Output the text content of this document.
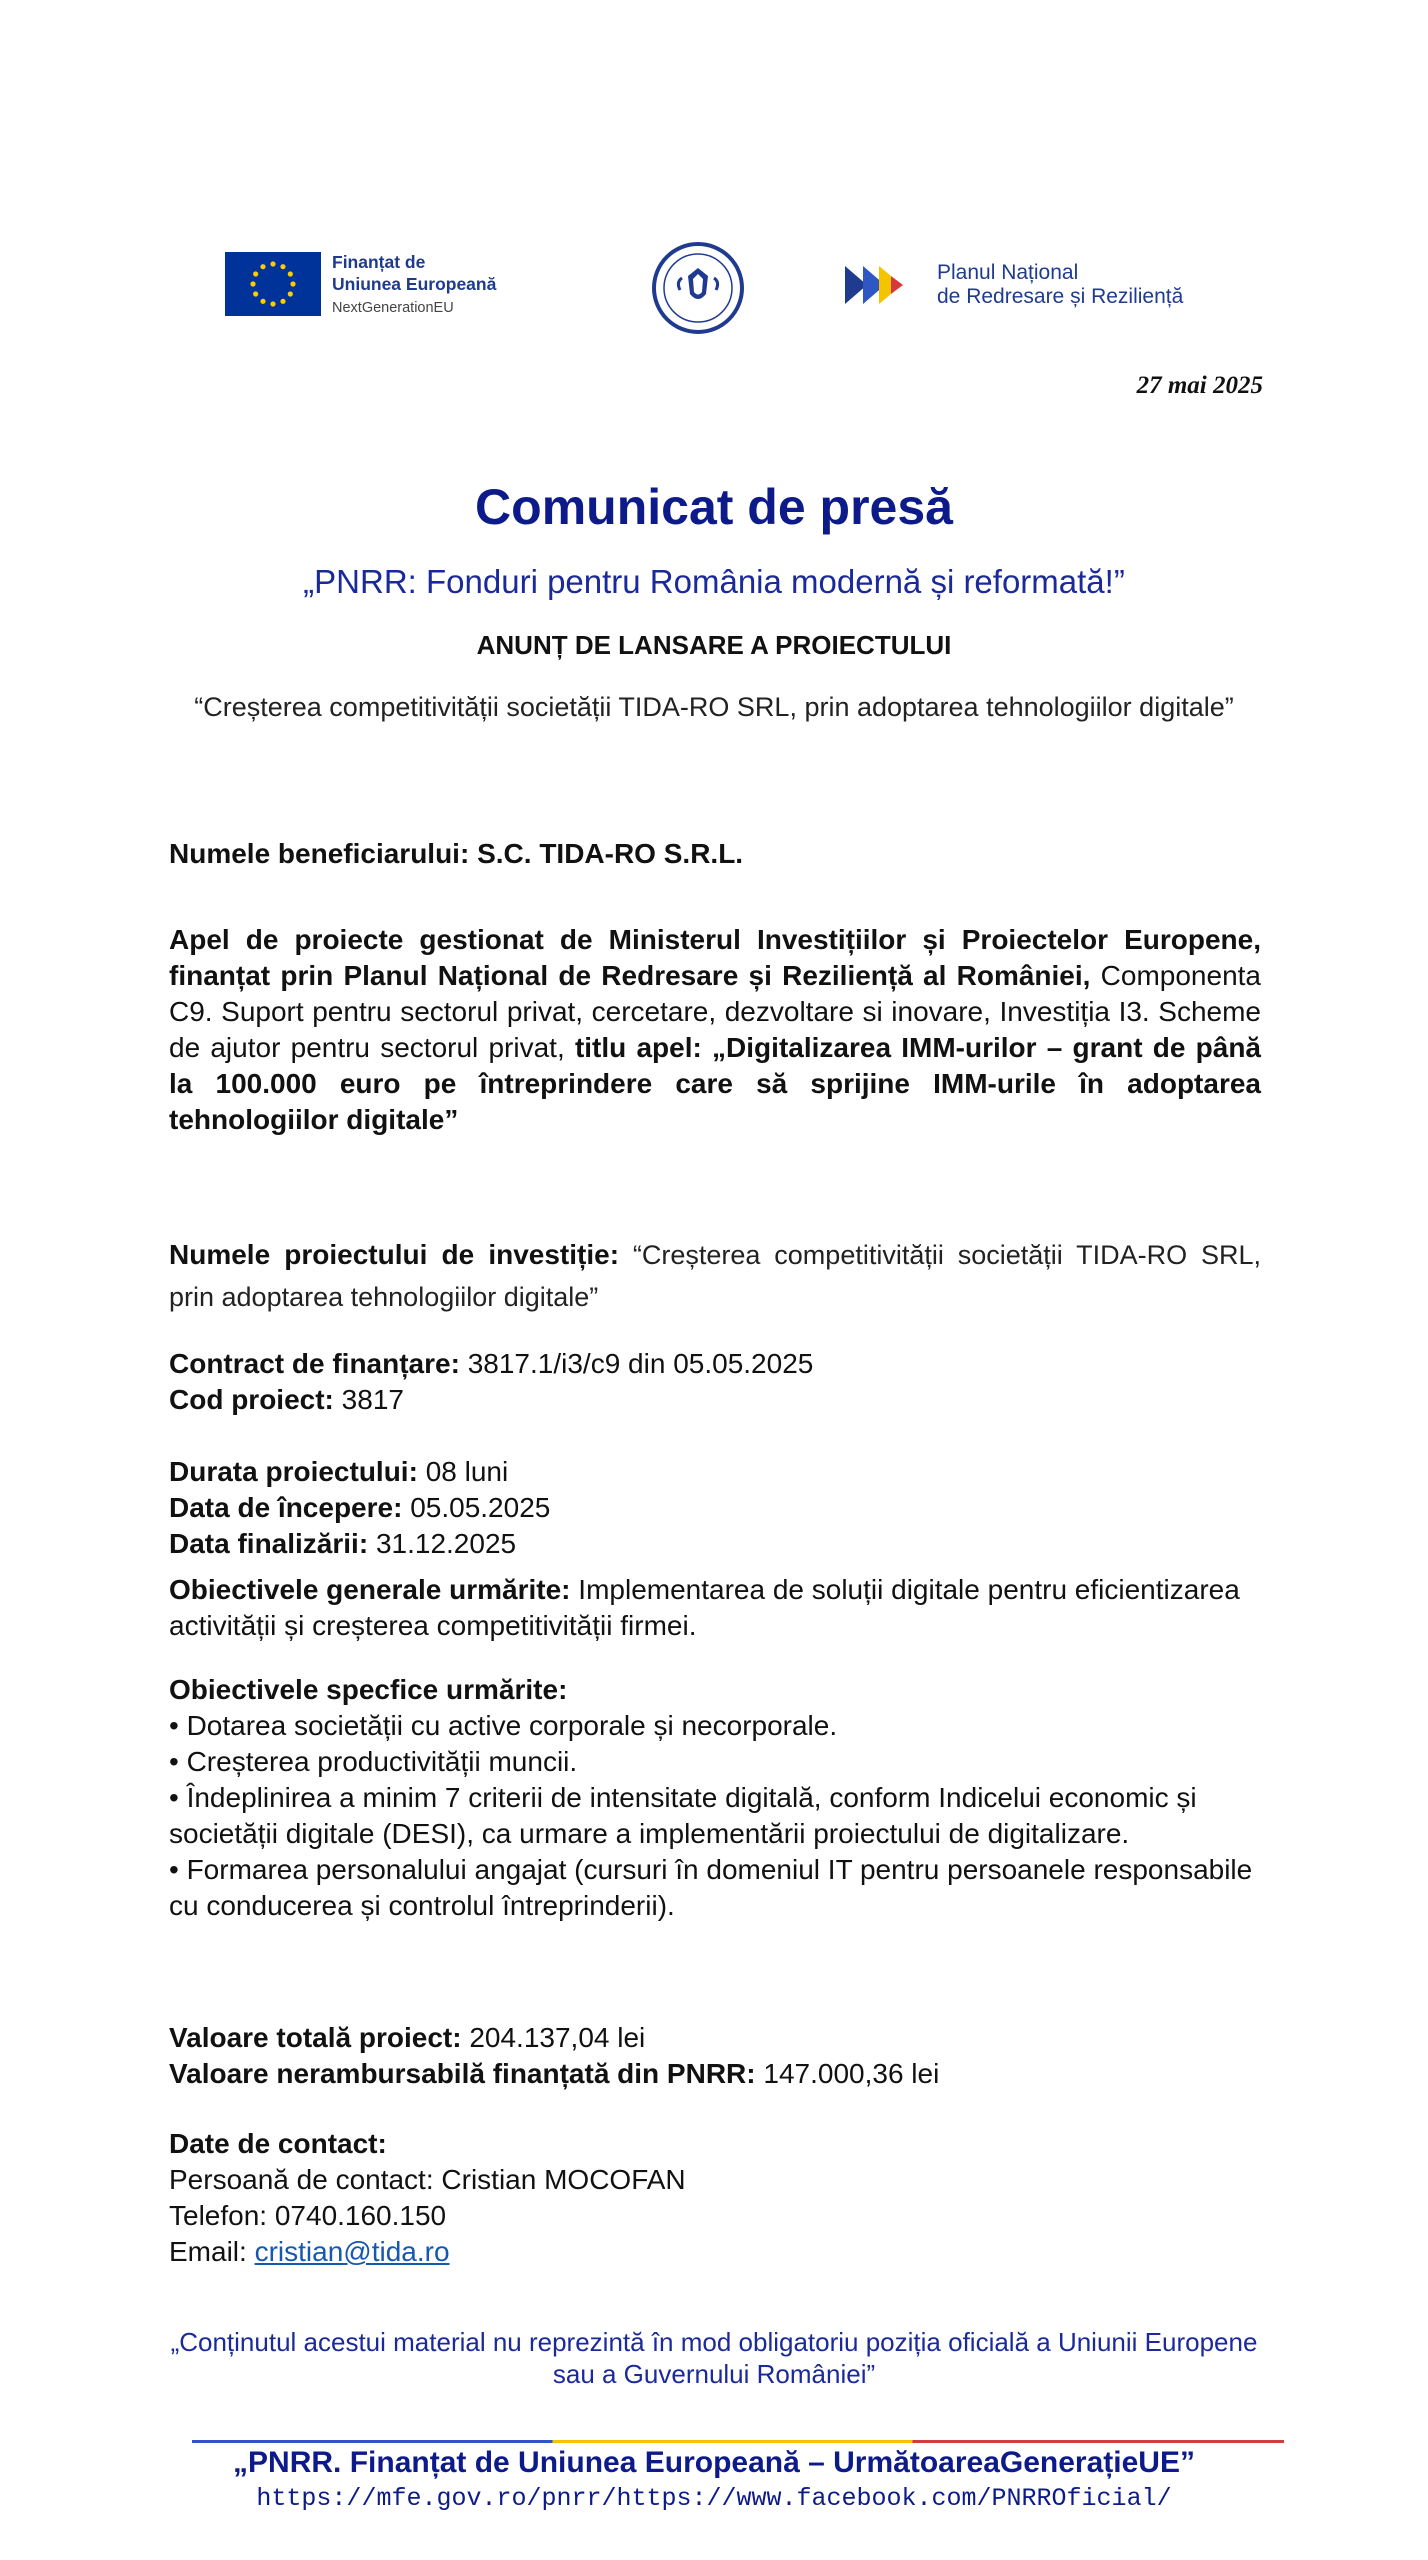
Finanțat de
Uniunea Europeană
NextGenerationEU
Planul Național
de Redresare și Reziliență
27 mai 2025
Comunicat de presă
„PNRR: Fonduri pentru România modernă și reformată!”
ANUNȚ DE LANSARE A PROIECTULUI
“Creșterea competitivității societății TIDA-RO SRL, prin adoptarea tehnologiilor digitale”
Numele beneficiarului: S.C. TIDA-RO S.R.L.
Apel de proiecte gestionat de Ministerul Investițiilor și Proiectelor Europene, finanțat prin Planul Național de Redresare și Reziliență al României, Componenta C9. Suport pentru sectorul privat, cercetare, dezvoltare si inovare, Investiția I3. Scheme de ajutor pentru sectorul privat, titlu apel: „Digitalizarea IMM-urilor – grant de până la 100.000 euro pe întreprindere care să sprijine IMM-urile în adoptarea tehnologiilor digitale”
Numele proiectului de investiție: “Creșterea competitivității societății TIDA-RO SRL, prin adoptarea tehnologiilor digitale”
Contract de finanțare: 3817.1/i3/c9 din 05.05.2025
Cod proiect: 3817
Durata proiectului: 08 luni
Data de începere: 05.05.2025
Data finalizării: 31.12.2025
Obiectivele generale urmărite: Implementarea de soluții digitale pentru eficientizarea activității și creșterea competitivității firmei.
Obiectivele specfice urmărite:
• Dotarea societății cu active corporale și necorporale.
• Creșterea productivității muncii.
• Îndeplinirea a minim 7 criterii de intensitate digitală, conform Indicelui economic și societății digitale (DESI), ca urmare a implementării proiectului de digitalizare.
• Formarea personalului angajat (cursuri în domeniul IT pentru persoanele responsabile cu conducerea și controlul întreprinderii).
Valoare totală proiect: 204.137,04 lei
Valoare nerambursabilă finanțată din PNRR: 147.000,36 lei
Date de contact:
Persoană de contact: Cristian MOCOFAN
Telefon: 0740.160.150
Email: cristian@tida.ro
„Conținutul acestui material nu reprezintă în mod obligatoriu poziția oficială a Uniunii Europene sau a Guvernului României”
„PNRR. Finanțat de Uniunea Europeană – UrmătoareaGenerațieUE”
https://mfe.gov.ro/pnrr/https://www.facebook.com/PNRROficial/
